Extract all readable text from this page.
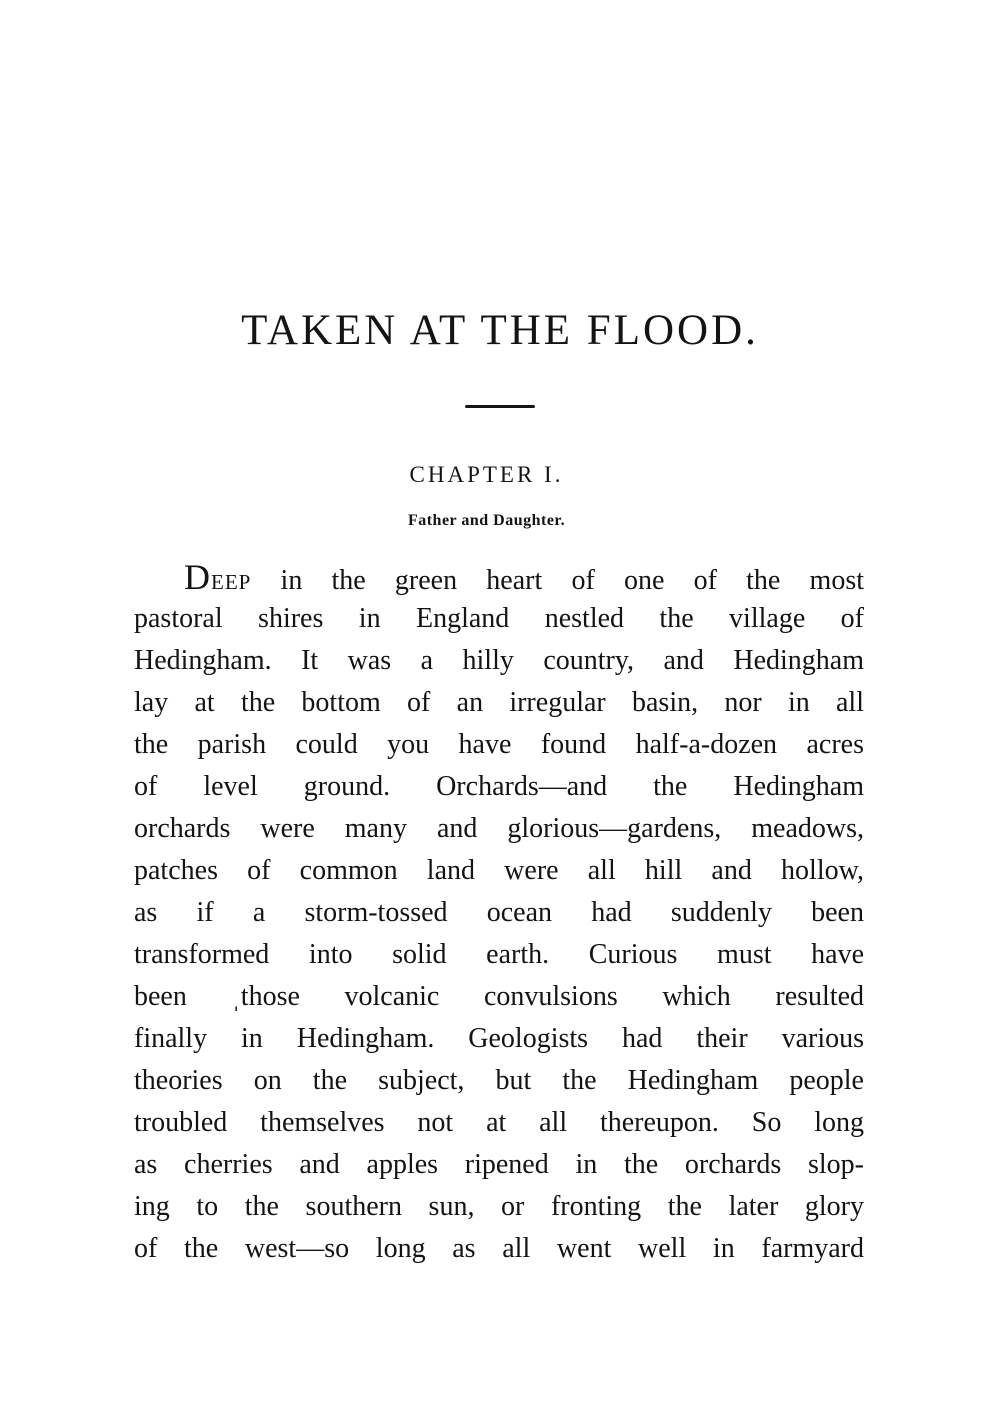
TAKEN AT THE FLOOD.
CHAPTER I.
Father and Daughter.
DEEP in the green heart of one of the most
pastoral shires in England nestled the village of
Hedingham. It was a hilly country, and Hedingham
lay at the bottom of an irregular basin, nor in all
the parish could you have found half-a-dozen acres
of level ground. Orchards—and the Hedingham
orchards were many and glorious—gardens, meadows,
patches of common land were all hill and hollow,
as if a storm-tossed ocean had suddenly been
transformed into solid earth. Curious must have
been ˌthose volcanic convulsions which resulted
finally in Hedingham. Geologists had their various
theories on the subject, but the Hedingham people
troubled themselves not at all thereupon. So long
as cherries and apples ripened in the orchards slop-
ing to the southern sun, or fronting the later glory
of the west—so long as all went well in farmyard
